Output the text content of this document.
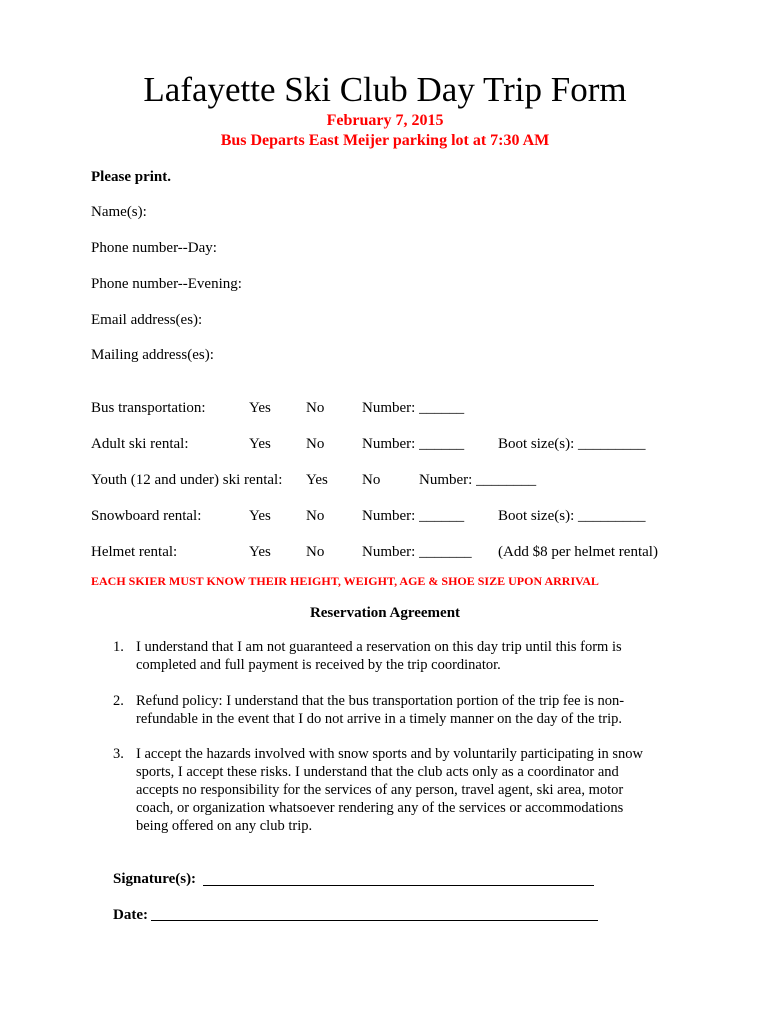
Lafayette Ski Club Day Trip Form
February 7, 2015
Bus Departs East Meijer parking lot at 7:30 AM
Please print.
Name(s):
Phone number--Day:
Phone number--Evening:
Email address(es):
Mailing address(es):
Bus transportation:	Yes No	Number: ______
Adult ski rental:	Yes No	Number: ______ Boot size(s): _________
Youth (12 and under) ski rental: Yes No	Number: ________
Snowboard rental:	Yes No	Number: ______ Boot size(s): _________
Helmet rental:	Yes No	Number: _______ (Add $8 per helmet rental)
EACH SKIER MUST KNOW THEIR HEIGHT, WEIGHT, AGE & SHOE SIZE UPON ARRIVAL
Reservation Agreement
1. I understand that I am not guaranteed a reservation on this day trip until this form is
completed and full payment is received by the trip coordinator.
2. Refund policy: I understand that the bus transportation portion of the trip fee is non-
refundable in the event that I do not arrive in a timely manner on the day of the trip.
3. I accept the hazards involved with snow sports and by voluntarily participating in snow
sports, I accept these risks. I understand that the club acts only as a coordinator and
accepts no responsibility for the services of any person, travel agent, ski area, motor
coach, or organization whatsoever rendering any of the services or accommodations
being offered on any club trip.
Signature(s):
Date:
